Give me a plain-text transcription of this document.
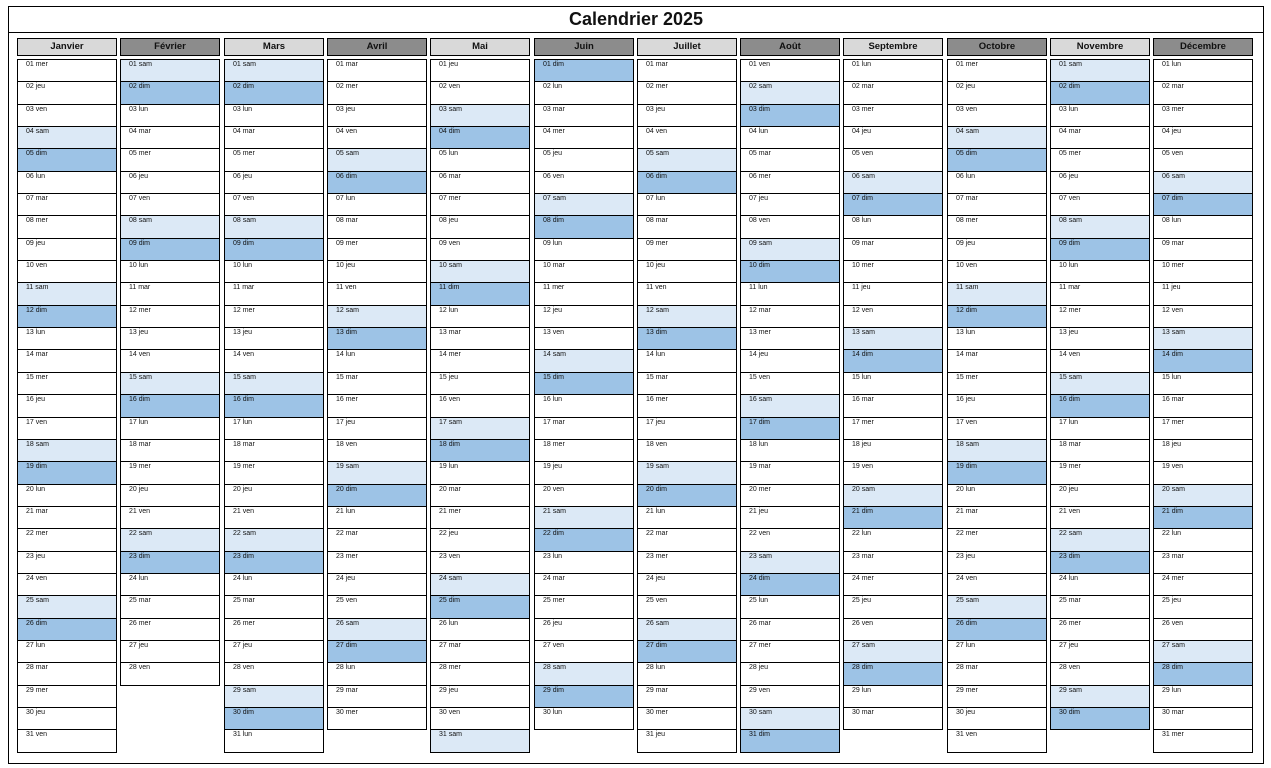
Calendrier 2025
Janvier
01 mer
02 jeu
03 ven
04 sam
05 dim
06 lun
07 mar
08 mer
09 jeu
10 ven
11 sam
12 dim
13 lun
14 mar
15 mer
16 jeu
17 ven
18 sam
19 dim
20 lun
21 mar
22 mer
23 jeu
24 ven
25 sam
26 dim
27 lun
28 mar
29 mer
30 jeu
31 ven
Février
01 sam
02 dim
03 lun
04 mar
05 mer
06 jeu
07 ven
08 sam
09 dim
10 lun
11 mar
12 mer
13 jeu
14 ven
15 sam
16 dim
17 lun
18 mar
19 mer
20 jeu
21 ven
22 sam
23 dim
24 lun
25 mar
26 mer
27 jeu
28 ven
Mars
01 sam
02 dim
03 lun
04 mar
05 mer
06 jeu
07 ven
08 sam
09 dim
10 lun
11 mar
12 mer
13 jeu
14 ven
15 sam
16 dim
17 lun
18 mar
19 mer
20 jeu
21 ven
22 sam
23 dim
24 lun
25 mar
26 mer
27 jeu
28 ven
29 sam
30 dim
31 lun
Avril
01 mar
02 mer
03 jeu
04 ven
05 sam
06 dim
07 lun
08 mar
09 mer
10 jeu
11 ven
12 sam
13 dim
14 lun
15 mar
16 mer
17 jeu
18 ven
19 sam
20 dim
21 lun
22 mar
23 mer
24 jeu
25 ven
26 sam
27 dim
28 lun
29 mar
30 mer
Mai
01 jeu
02 ven
03 sam
04 dim
05 lun
06 mar
07 mer
08 jeu
09 ven
10 sam
11 dim
12 lun
13 mar
14 mer
15 jeu
16 ven
17 sam
18 dim
19 lun
20 mar
21 mer
22 jeu
23 ven
24 sam
25 dim
26 lun
27 mar
28 mer
29 jeu
30 ven
31 sam
Juin
01 dim
02 lun
03 mar
04 mer
05 jeu
06 ven
07 sam
08 dim
09 lun
10 mar
11 mer
12 jeu
13 ven
14 sam
15 dim
16 lun
17 mar
18 mer
19 jeu
20 ven
21 sam
22 dim
23 lun
24 mar
25 mer
26 jeu
27 ven
28 sam
29 dim
30 lun
Juillet
01 mar
02 mer
03 jeu
04 ven
05 sam
06 dim
07 lun
08 mar
09 mer
10 jeu
11 ven
12 sam
13 dim
14 lun
15 mar
16 mer
17 jeu
18 ven
19 sam
20 dim
21 lun
22 mar
23 mer
24 jeu
25 ven
26 sam
27 dim
28 lun
29 mar
30 mer
31 jeu
Août
01 ven
02 sam
03 dim
04 lun
05 mar
06 mer
07 jeu
08 ven
09 sam
10 dim
11 lun
12 mar
13 mer
14 jeu
15 ven
16 sam
17 dim
18 lun
19 mar
20 mer
21 jeu
22 ven
23 sam
24 dim
25 lun
26 mar
27 mer
28 jeu
29 ven
30 sam
31 dim
Septembre
01 lun
02 mar
03 mer
04 jeu
05 ven
06 sam
07 dim
08 lun
09 mar
10 mer
11 jeu
12 ven
13 sam
14 dim
15 lun
16 mar
17 mer
18 jeu
19 ven
20 sam
21 dim
22 lun
23 mar
24 mer
25 jeu
26 ven
27 sam
28 dim
29 lun
30 mar
Octobre
01 mer
02 jeu
03 ven
04 sam
05 dim
06 lun
07 mar
08 mer
09 jeu
10 ven
11 sam
12 dim
13 lun
14 mar
15 mer
16 jeu
17 ven
18 sam
19 dim
20 lun
21 mar
22 mer
23 jeu
24 ven
25 sam
26 dim
27 lun
28 mar
29 mer
30 jeu
31 ven
Novembre
01 sam
02 dim
03 lun
04 mar
05 mer
06 jeu
07 ven
08 sam
09 dim
10 lun
11 mar
12 mer
13 jeu
14 ven
15 sam
16 dim
17 lun
18 mar
19 mer
20 jeu
21 ven
22 sam
23 dim
24 lun
25 mar
26 mer
27 jeu
28 ven
29 sam
30 dim
Décembre
01 lun
02 mar
03 mer
04 jeu
05 ven
06 sam
07 dim
08 lun
09 mar
10 mer
11 jeu
12 ven
13 sam
14 dim
15 lun
16 mar
17 mer
18 jeu
19 ven
20 sam
21 dim
22 lun
23 mar
24 mer
25 jeu
26 ven
27 sam
28 dim
29 lun
30 mar
31 mer
